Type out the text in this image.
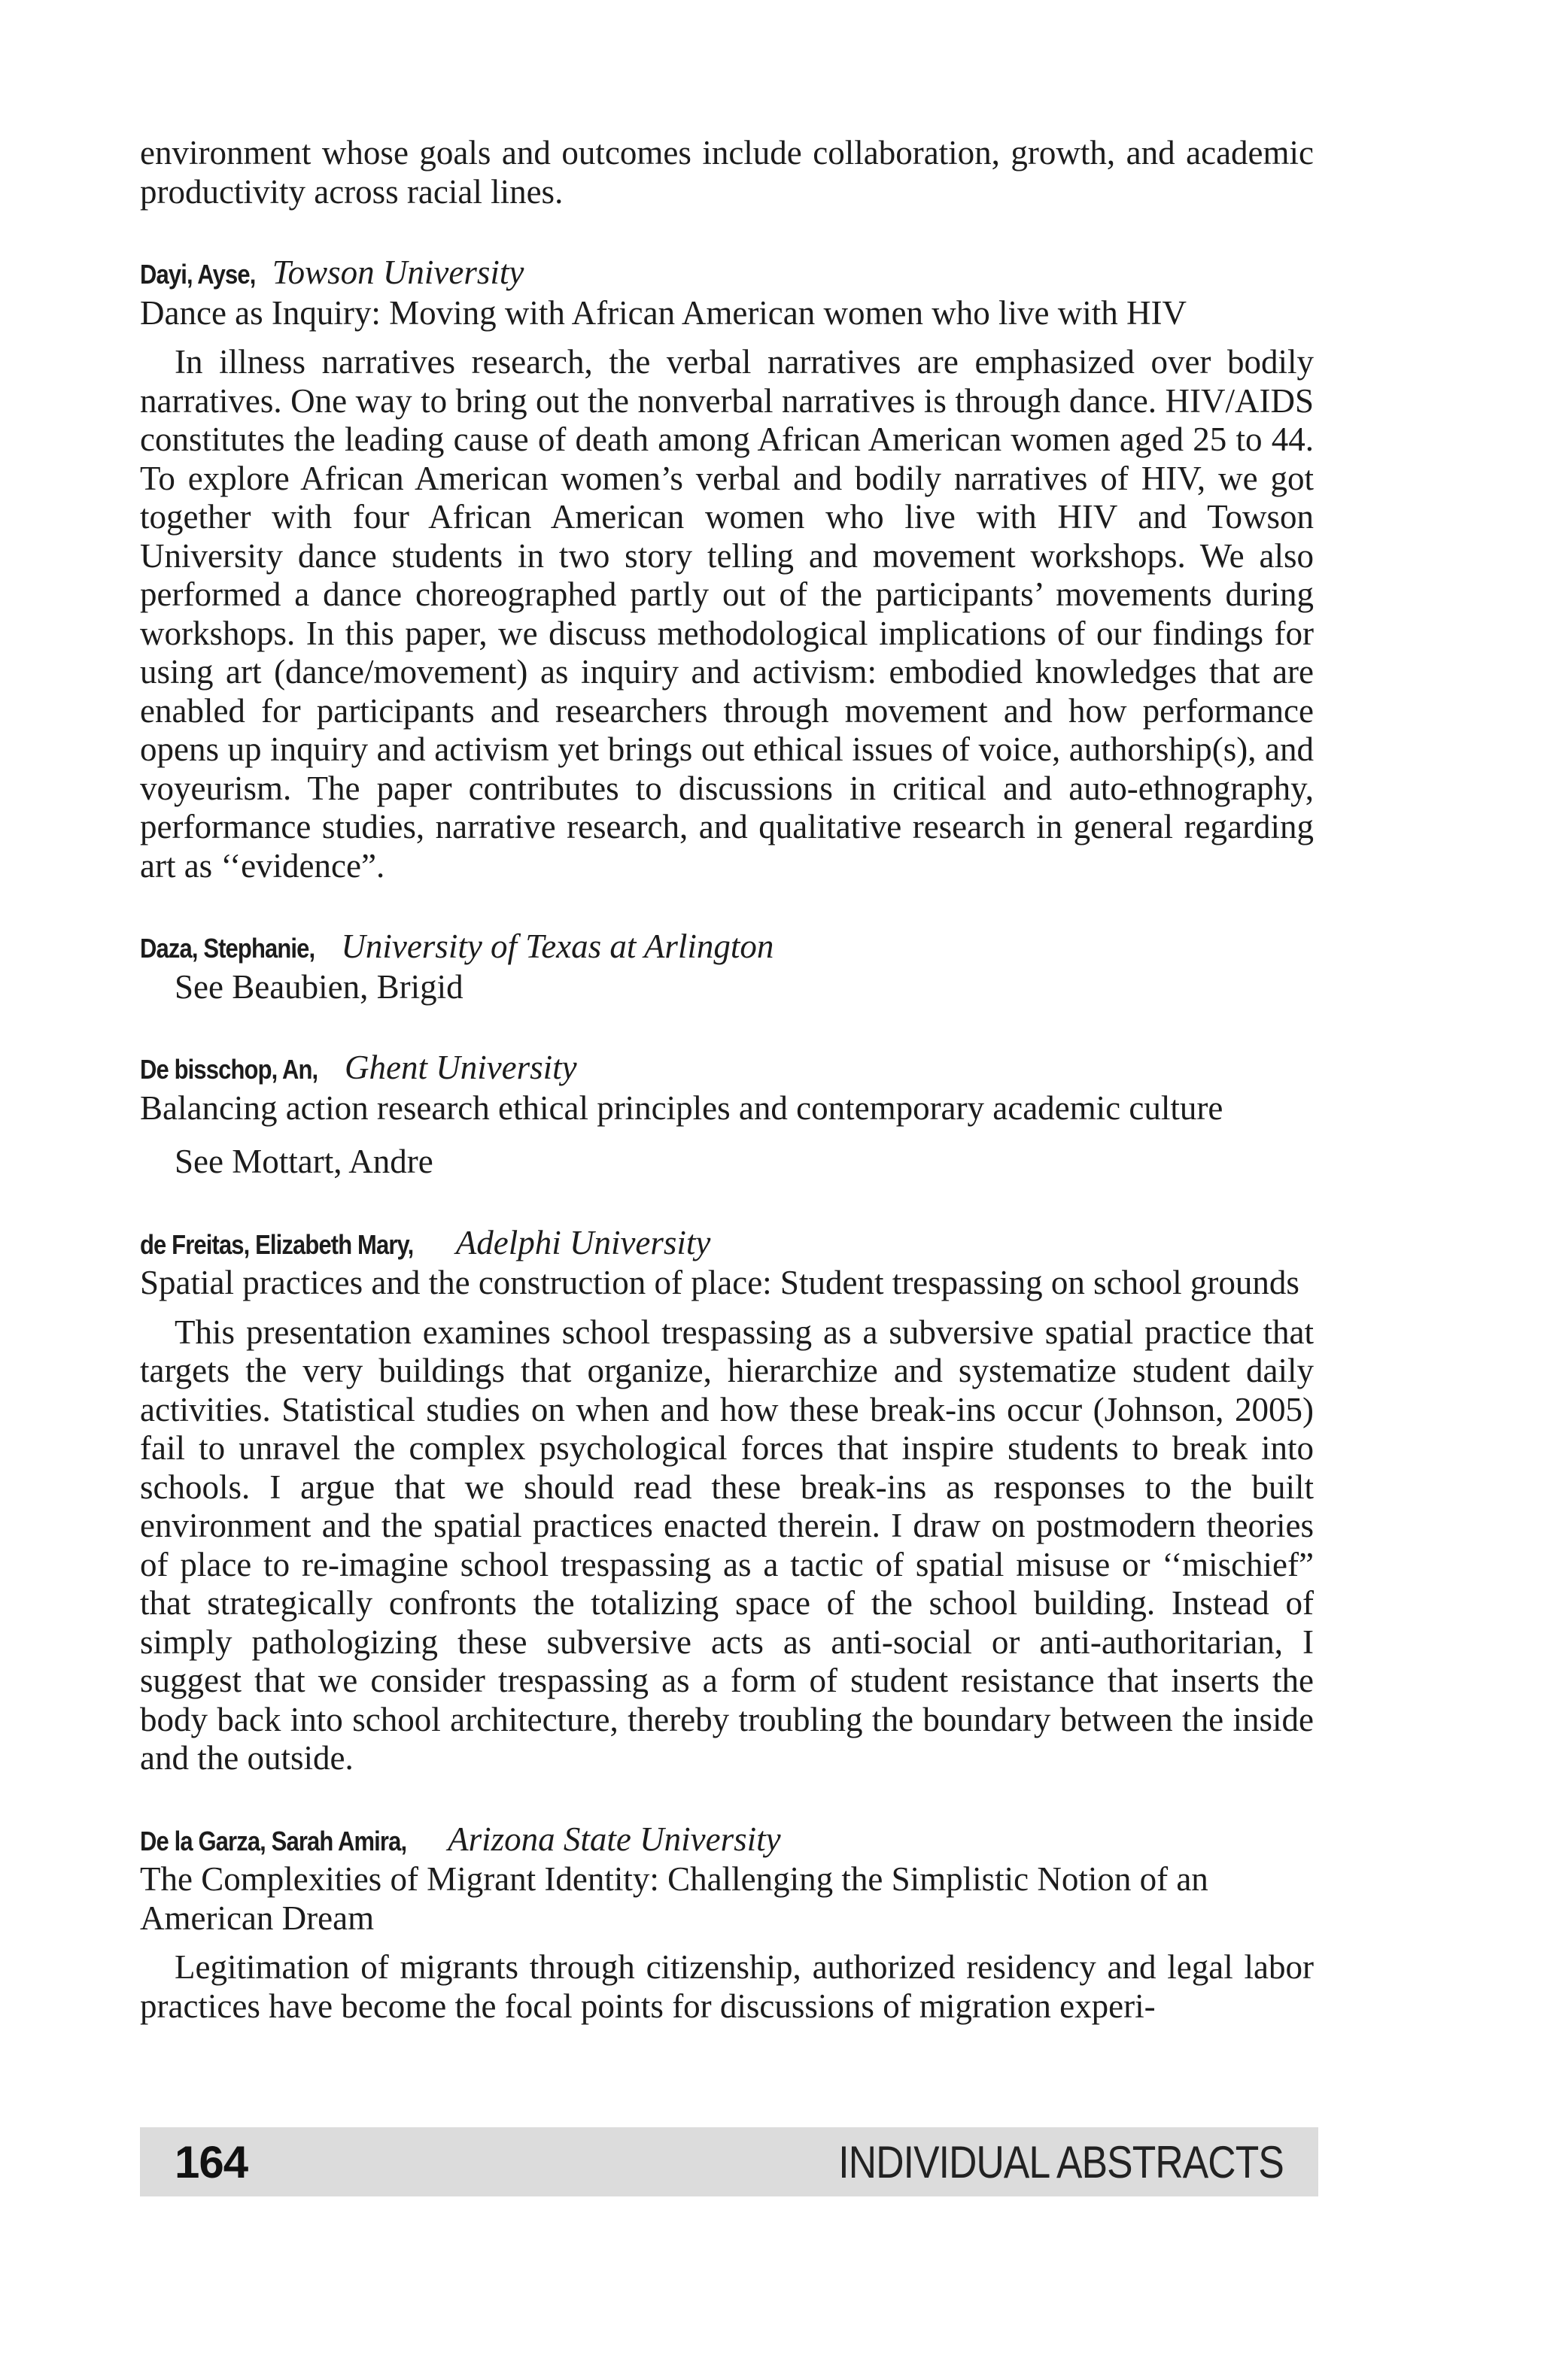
environment whose goals and outcomes include collaboration, growth, and academic productivity across racial lines.

Dayi, Ayse, Towson University

Dance as Inquiry: Moving with African American women who live with HIV

In illness narratives research, the verbal narratives are emphasized over bodily narratives. One way to bring out the nonverbal narratives is through dance. HIV/AIDS constitutes the leading cause of death among African American women aged 25 to 44. To explore African American women’s verbal and bodily narratives of HIV, we got together with four African American women who live with HIV and Towson University dance students in two story telling and movement workshops. We also performed a dance choreographed partly out of the participants’ movements during workshops. In this paper, we discuss methodological implications of our findings for using art (dance/movement) as inquiry and activism: embodied knowledges that are enabled for participants and researchers through movement and how performance opens up inquiry and activism yet brings out ethical issues of voice, authorship(s), and voyeurism. The paper contributes to discussions in critical and auto-ethnography, performance studies, narrative research, and qualitative research in general regarding art as ‘‘evidence”.

Daza, Stephanie, University of Texas at Arlington

See Beaubien, Brigid

De bisschop, An, Ghent University

Balancing action research ethical principles and contemporary academic culture

See Mottart, Andre

de Freitas, Elizabeth Mary, Adelphi University

Spatial practices and the construction of place: Student trespassing on school grounds

This presentation examines school trespassing as a subversive spatial practice that targets the very buildings that organize, hierarchize and systematize student daily activities. Statistical studies on when and how these break-ins occur (Johnson, 2005) fail to unravel the complex psychological forces that inspire students to break into schools. I argue that we should read these break-ins as responses to the built environment and the spatial practices enacted therein. I draw on postmodern theories of place to re-imagine school trespassing as a tactic of spatial misuse or ‘‘mischief” that strategically confronts the totalizing space of the school building. Instead of simply pathologizing these subversive acts as anti-social or anti-authoritarian, I suggest that we consider trespassing as a form of student resistance that inserts the body back into school architecture, thereby troubling the boundary between the inside and the outside.

De la Garza, Sarah Amira, Arizona State University

The Complexities of Migrant Identity: Challenging the Simplistic Notion of an American Dream

Legitimation of migrants through citizenship, authorized residency and legal labor practices have become the focal points for discussions of migration experi-

164	INDIVIDUAL ABSTRACTS
